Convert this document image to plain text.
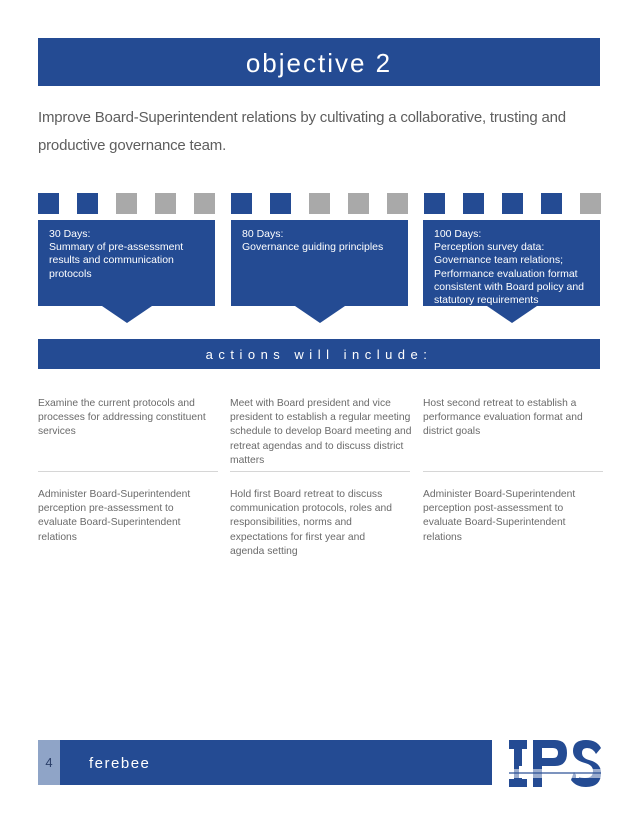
objective 2
Improve Board-Superintendent relations by cultivating a collaborative, trusting and productive governance team.
30 Days:
Summary of pre-assessment
results and communication
protocols
80 Days:
Governance guiding principles
100 Days:
Perception survey data:
Governance team relations;
Performance evaluation format
consistent with Board policy and
statutory requirements
actions will include:
Examine the current protocols and processes for addressing constituent services
Meet with Board president and vice president to establish a regular meeting schedule to develop Board meeting and retreat agendas and to discuss district matters
Host second retreat to establish a performance evaluation format and district goals
Administer Board-Superintendent perception pre-assessment to evaluate Board-Superintendent relations
Hold first Board retreat to discuss communication protocols, roles and responsibilities, norms and expectations for first year and agenda setting
Administer Board-Superintendent perception post-assessment to evaluate Board-Superintendent relations
4	ferebee
